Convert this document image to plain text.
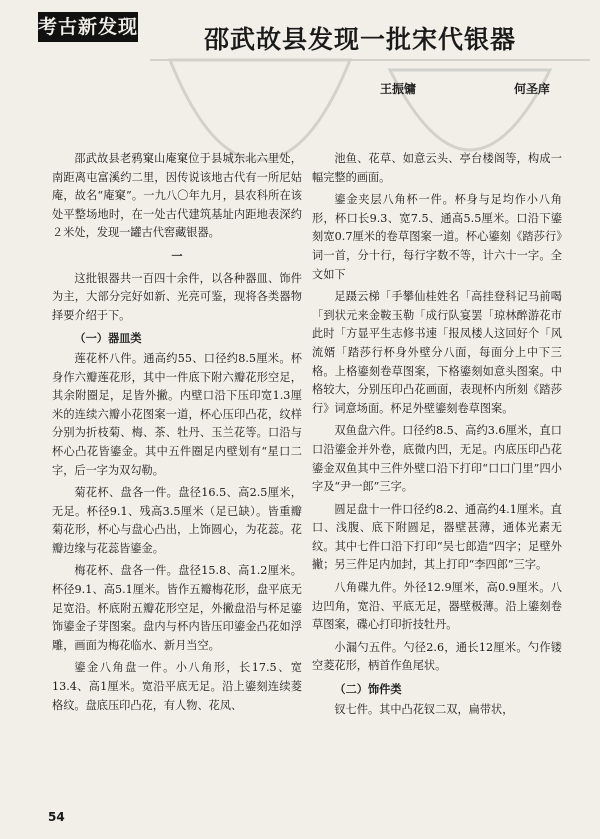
考古新发现	邵武故县发现一批宋代银器
王振镛	何圣庠

邵武故县老鸦窠山庵窠位于县城东北六里处，南距离屯富溪约二里，因传说该地古代有一所尼姑庵，故名“庵窠”。一九八〇年九月，县农科所在该处平整场地时，在一处古代建筑基址内距地表深约２米处，发现一罐古代窖藏银器。

一

这批银器共一百四十余件，以各种器皿、饰件为主，大部分完好如新、光亮可鉴，现将各类器物择要介绍于下。

（一）器皿类

莲花杯八件。通高约55、口径约8.5厘米。杯身作六瓣莲花形，其中一件底下附六瓣花形空足，其余附圈足，足皆外撇。内壁口沿下压印宽1.3厘米的连续六瓣小花图案一道，杯心压印凸花，纹样分别为折枝菊、梅、茶、牡丹、玉兰花等。口沿与杯心凸花皆鎏金。其中五件圈足内壁划有“星口二字，后一字为双勾勒。

菊花杯、盘各一件。盘径16.5、高2.5厘米，无足。杯径9.1、残高3.5厘米（足已缺）。皆重瓣菊花形，杯心与盘心凸出，上饰圆心，为花蕊。花瓣边缘与花蕊皆鎏金。

梅花杯、盘各一件。盘径15.8、高1.2厘米。杯径9.1、高5.1厘米。皆作五瓣梅花形，盘平底无足宽沿。杯底附五瓣花形空足，外撇盘沿与杯足鎏饰鎏金子芽图案。盘内与杯内皆压印鎏金凸花如浮雕，画面为梅花临水、新月当空。

鎏金八角盘一件。小八角形，长17.5、宽13.4、高1厘米。宽沿平底无足。沿上鎏刻连续菱格纹。盘底压印凸花，有人物、花凤、

池鱼、花草、如意云头、亭台楼阁等，构成一幅完整的画面。

鎏金夹层八角杯一件。杯身与足均作小八角形，杯口长9.3、宽7.5、通高5.5厘米。口沿下鎏刻宽0.7厘米的卷草图案一道。杯心鎏刻《踏莎行》词一首，分十行，每行字数不等，计六十一字。全文如下

足蹑云梯「手攀仙桂姓名「高挂登科记马前喝「到状元来金鞍玉勒「成行队宴罢「琼林醉游花市此时「方显平生志修书速「报凤楼人这回好个「风流婿「踏莎行杯身外壁分八面，每面分上中下三格。上格鎏刻卷草图案，下格鎏刻如意头图案。中格较大，分别压印凸花画面，表现杯内所刻《踏莎行》词意场面。杯足外壁鎏刻卷草图案。

双鱼盘六件。口径约8.5、高约3.6厘米，直口口沿鎏金并外卷，底微内凹，无足。内底压印凸花鎏金双鱼其中三件外壁口沿下打印“口口门里”四小字及“尹一郎”三字。

圆足盘十一件口径约8.2、通高约4.1厘米。直口、浅腹、底下附圆足，器壁甚薄，通体光素无纹。其中七件口沿下打印“吴七郎造“四字；足壁外撇；另三件足内加封，其上打印“李四郎”三字。

八角碟九件。外径12.9厘米，高0.9厘米。八边凹角，宽沿、平底无足，器壁极薄。沿上鎏刻卷草图案，碟心打印折技牡丹。

小漏勺五件。勺径2.6，通长12厘米。勺作镂空菱花形，柄首作鱼尾状。

（二）饰件类

钗七件。其中凸花钗二双，扁带状，

54
